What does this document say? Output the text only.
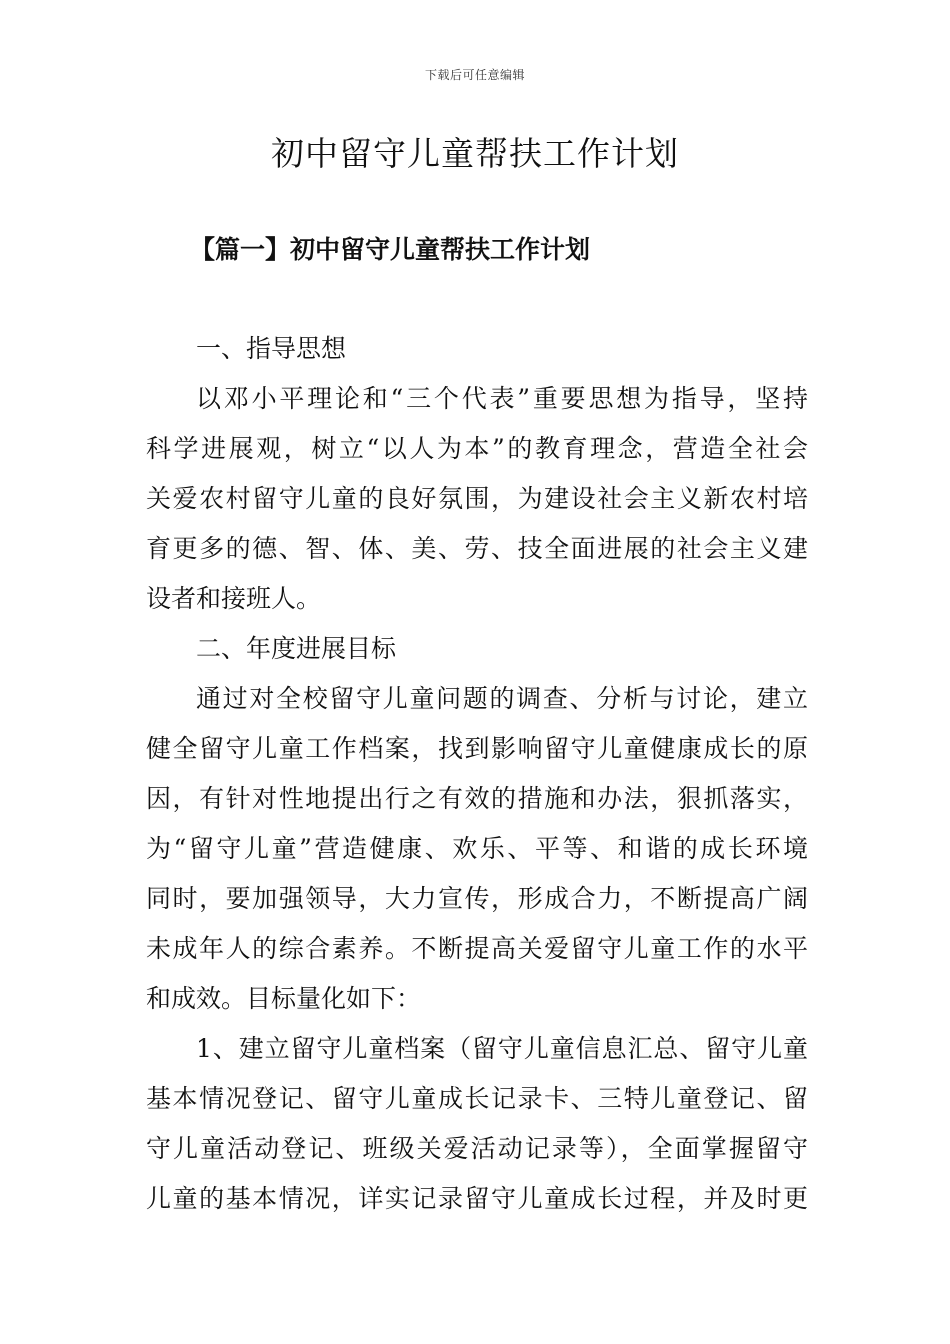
下载后可任意编辑
初中留守儿童帮扶工作计划
【篇一】初中留守儿童帮扶工作计划
一、指导思想
以邓小平理论和“三个代表”重要思想为指导，坚持
科学进展观，树立“以人为本”的教育理念，营造全社会
关爱农村留守儿童的良好氛围，为建设社会主义新农村培
育更多的德、智、体、美、劳、技全面进展的社会主义建
设者和接班人。
二、年度进展目标
通过对全校留守儿童问题的调查、分析与讨论，建立
健全留守儿童工作档案，找到影响留守儿童健康成长的原
因，有针对性地提出行之有效的措施和办法，狠抓落实，
为“留守儿童”营造健康、欢乐、平等、和谐的成长环境
同时，要加强领导，大力宣传，形成合力，不断提高广阔
未成年人的综合素养。不断提高关爱留守儿童工作的水平
和成效。目标量化如下：
1、建立留守儿童档案（留守儿童信息汇总、留守儿童
基本情况登记、留守儿童成长记录卡、三特儿童登记、留
守儿童活动登记、班级关爱活动记录等），全面掌握留守
儿童的基本情况，详实记录留守儿童成长过程，并及时更
